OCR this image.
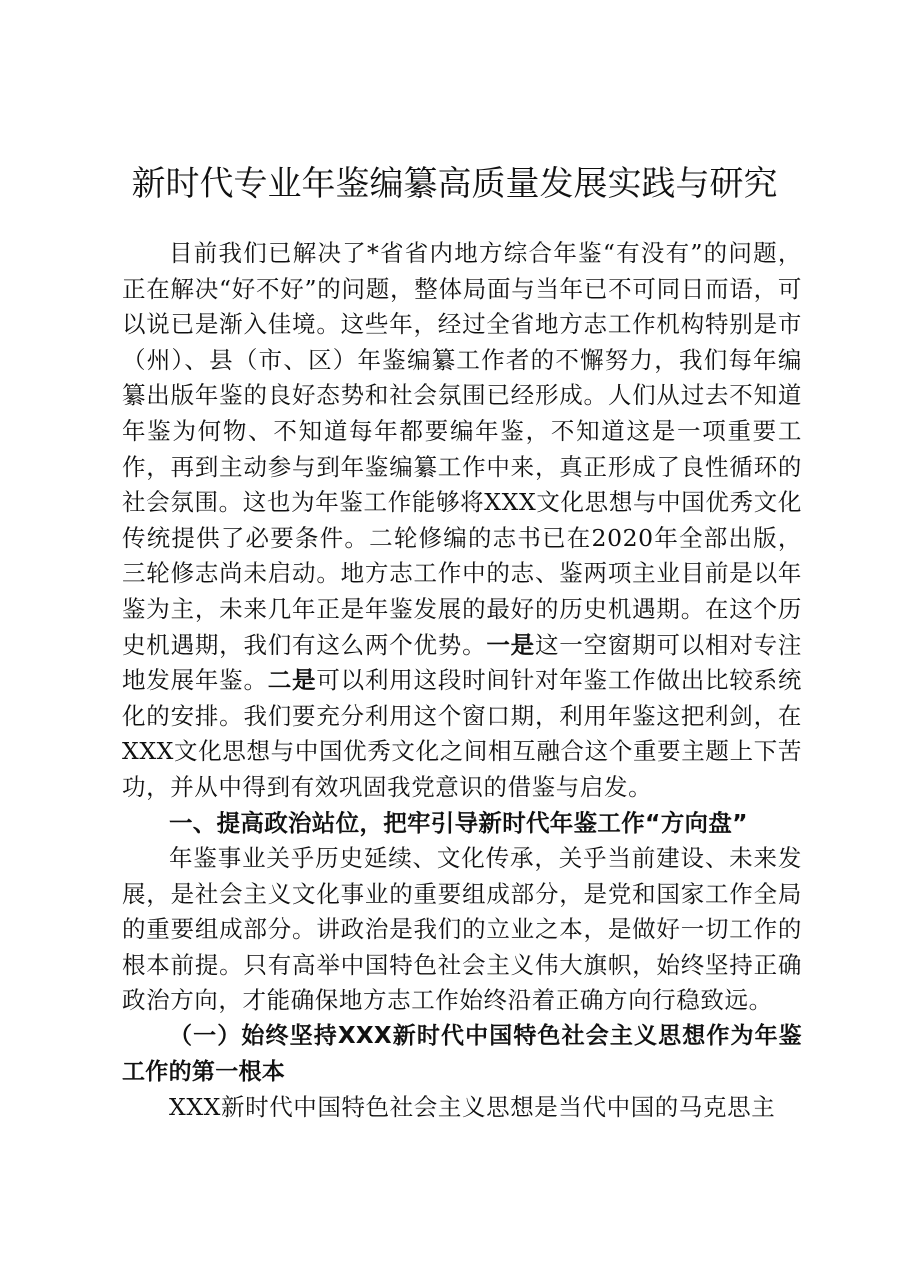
新时代专业年鉴编纂高质量发展实践与研究

目前我们已解决了*省省内地方综合年鉴“有没有”的问题，正在解决“好不好”的问题，整体局面与当年已不可同日而语，可以说已是渐入佳境。这些年，经过全省地方志工作机构特别是市（州）、县（市、区）年鉴编纂工作者的不懈努力，我们每年编纂出版年鉴的良好态势和社会氛围已经形成。人们从过去不知道年鉴为何物、不知道每年都要编年鉴，不知道这是一项重要工作，再到主动参与到年鉴编纂工作中来，真正形成了良性循环的社会氛围。这也为年鉴工作能够将XXX文化思想与中国优秀文化传统提供了必要条件。二轮修编的志书已在2020年全部出版，三轮修志尚未启动。地方志工作中的志、鉴两项主业目前是以年鉴为主，未来几年正是年鉴发展的最好的历史机遇期。在这个历史机遇期，我们有这么两个优势。一是这一空窗期可以相对专注地发展年鉴。二是可以利用这段时间针对年鉴工作做出比较系统化的安排。我们要充分利用这个窗口期，利用年鉴这把利剑，在XXX文化思想与中国优秀文化之间相互融合这个重要主题上下苦功，并从中得到有效巩固我党意识的借鉴与启发。

一、提高政治站位，把牢引导新时代年鉴工作“方向盘”

年鉴事业关乎历史延续、文化传承，关乎当前建设、未来发展，是社会主义文化事业的重要组成部分，是党和国家工作全局的重要组成部分。讲政治是我们的立业之本，是做好一切工作的根本前提。只有高举中国特色社会主义伟大旗帜，始终坚持正确政治方向，才能确保地方志工作始终沿着正确方向行稳致远。

（一）始终坚持XXX新时代中国特色社会主义思想作为年鉴工作的第一根本

XXX新时代中国特色社会主义思想是当代中国的马克思主
